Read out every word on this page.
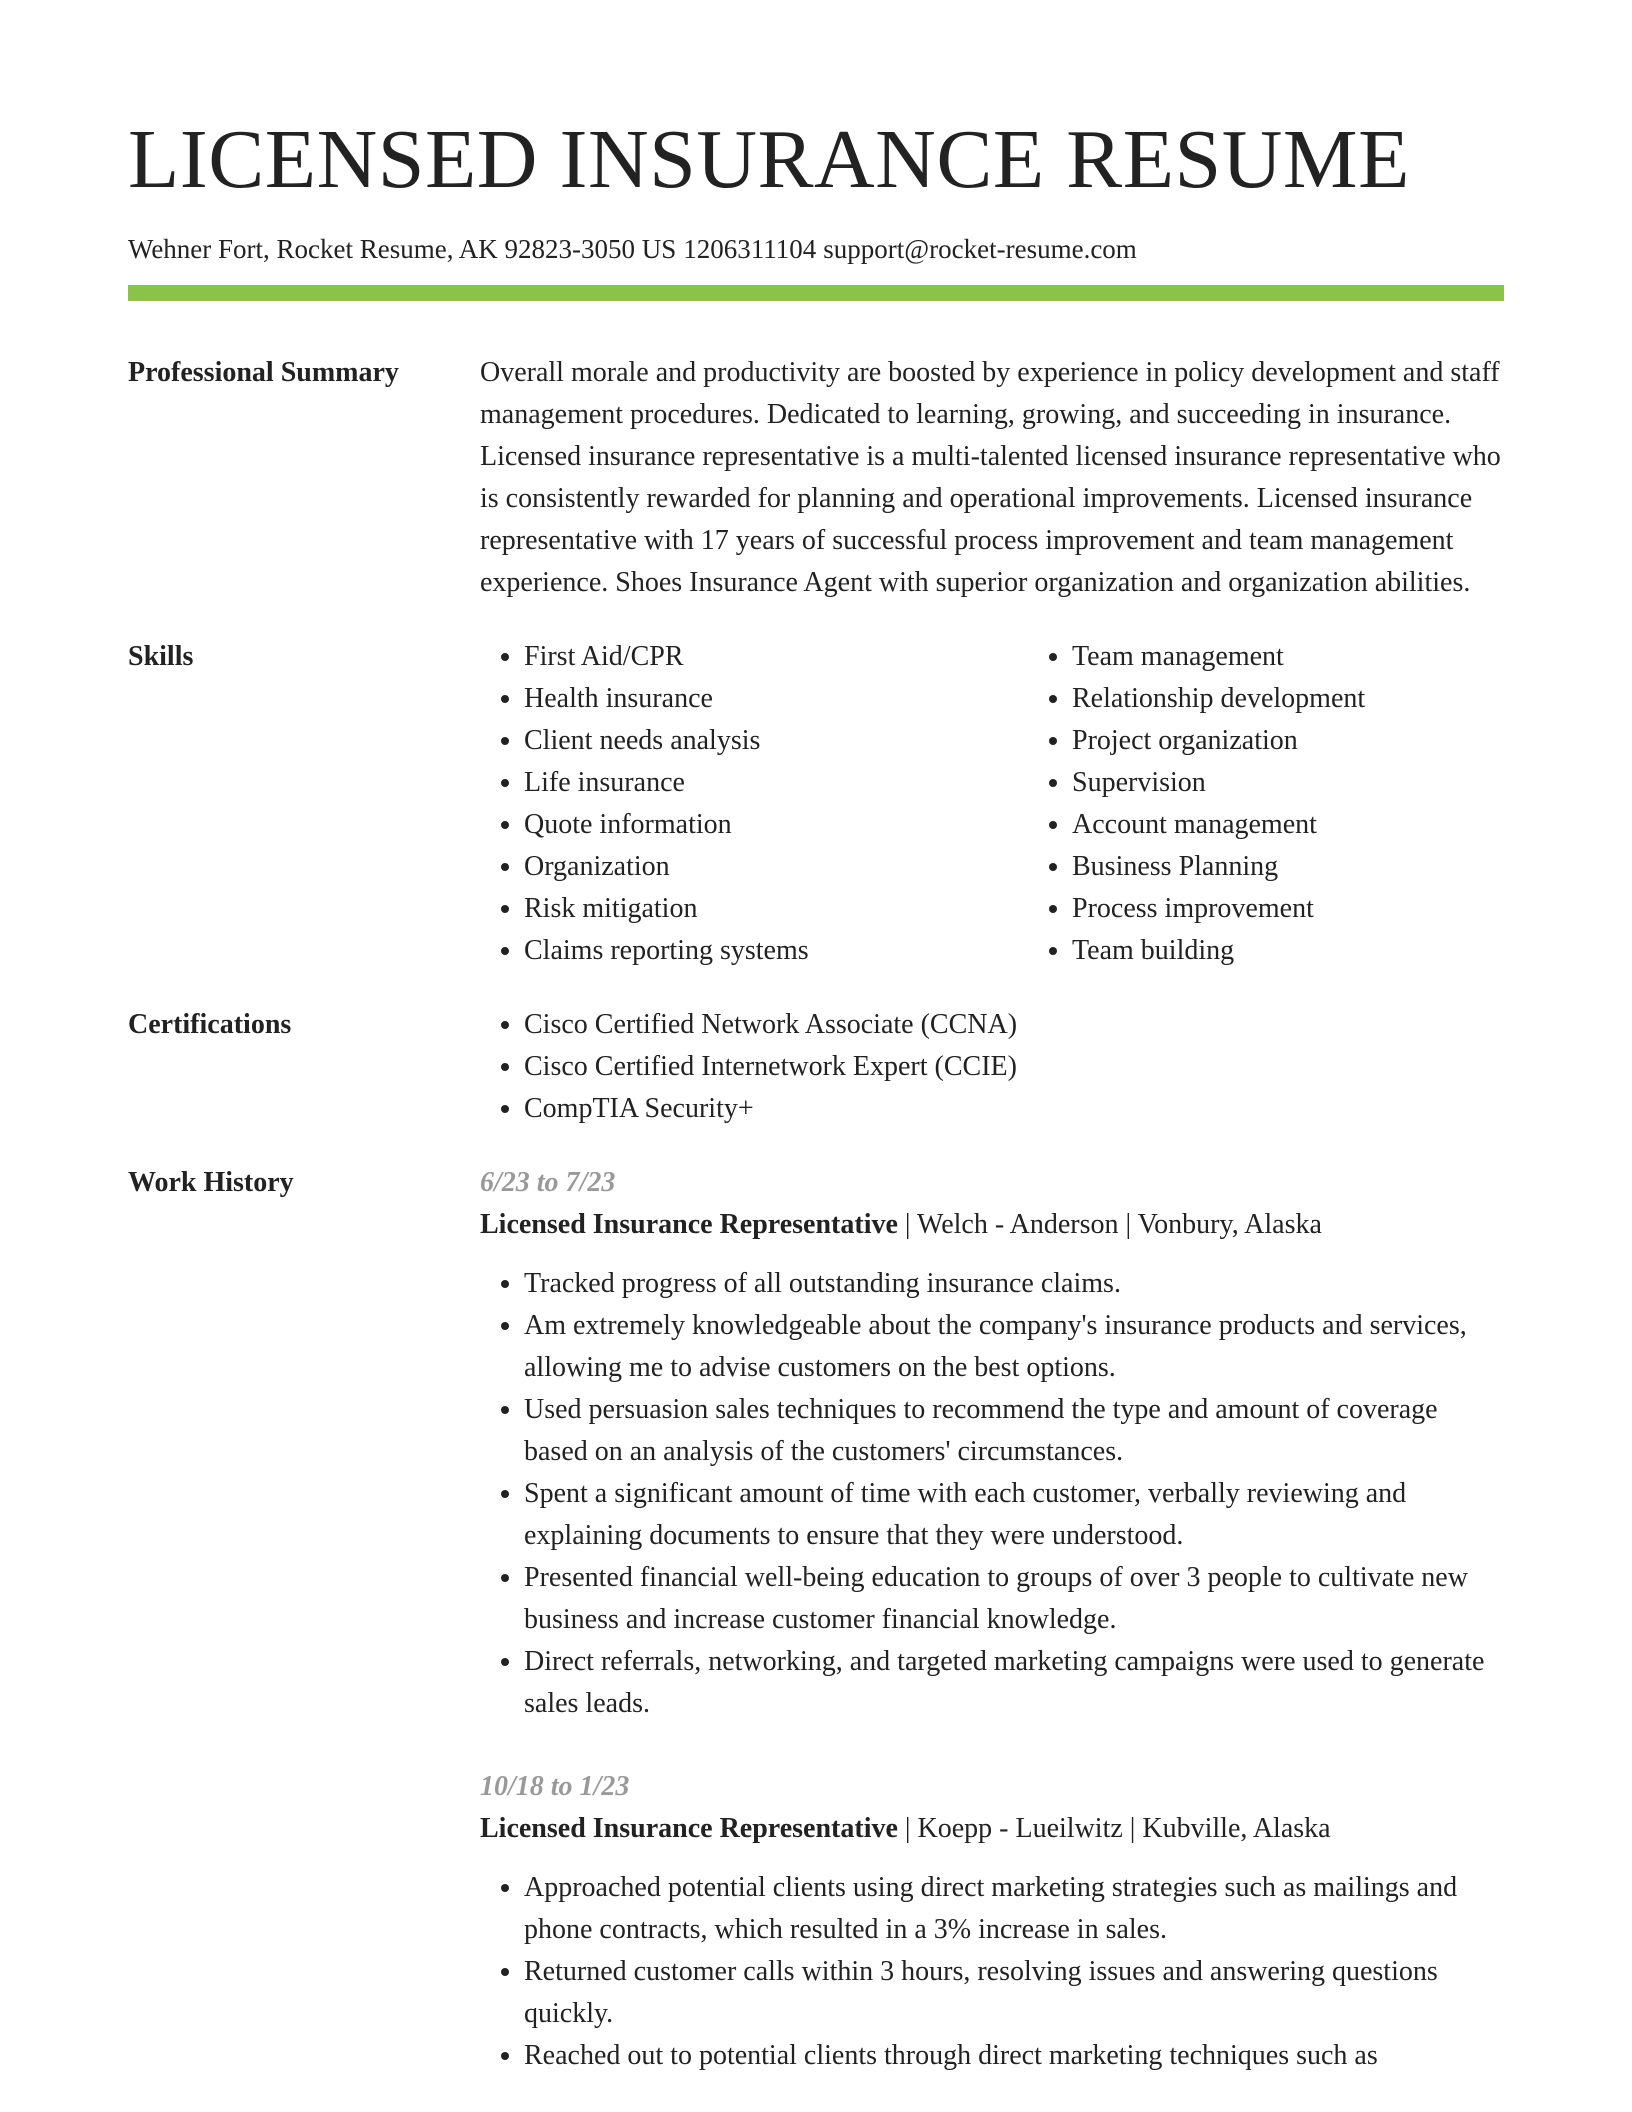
LICENSED INSURANCE RESUME
Wehner Fort, Rocket Resume, AK 92823-3050 US 1206311104 support@rocket-resume.com
Professional Summary	Overall morale and productivity are boosted by experience in policy development and staff management procedures. Dedicated to learning, growing, and succeeding in insurance. Licensed insurance representative is a multi-talented licensed insurance representative who is consistently rewarded for planning and operational improvements. Licensed insurance representative with 17 years of successful process improvement and team management experience. Shoes Insurance Agent with superior organization and organization abilities.

Skills	• First Aid/CPR
• Health insurance
• Client needs analysis
• Life insurance
• Quote information
• Organization
• Risk mitigation
• Claims reporting systems
• Team management
• Relationship development
• Project organization
• Supervision
• Account management
• Business Planning
• Process improvement
• Team building
Certifications	• Cisco Certified Network Associate (CCNA)
• Cisco Certified Internetwork Expert (CCIE)
• CompTIA Security+
Work History	6/23 to 7/23
Licensed Insurance Representative | Welch - Anderson | Vonbury, Alaska
• Tracked progress of all outstanding insurance claims.
• Am extremely knowledgeable about the company's insurance products and services, allowing me to advise customers on the best options.
• Used persuasion sales techniques to recommend the type and amount of coverage based on an analysis of the customers' circumstances.
• Spent a significant amount of time with each customer, verbally reviewing and explaining documents to ensure that they were understood.
• Presented financial well-being education to groups of over 3 people to cultivate new business and increase customer financial knowledge.
• Direct referrals, networking, and targeted marketing campaigns were used to generate sales leads.
10/18 to 1/23
Licensed Insurance Representative | Koepp - Lueilwitz | Kubville, Alaska
• Approached potential clients using direct marketing strategies such as mailings and phone contracts, which resulted in a 3% increase in sales.
• Returned customer calls within 3 hours, resolving issues and answering questions quickly.
• Reached out to potential clients through direct marketing techniques such as
